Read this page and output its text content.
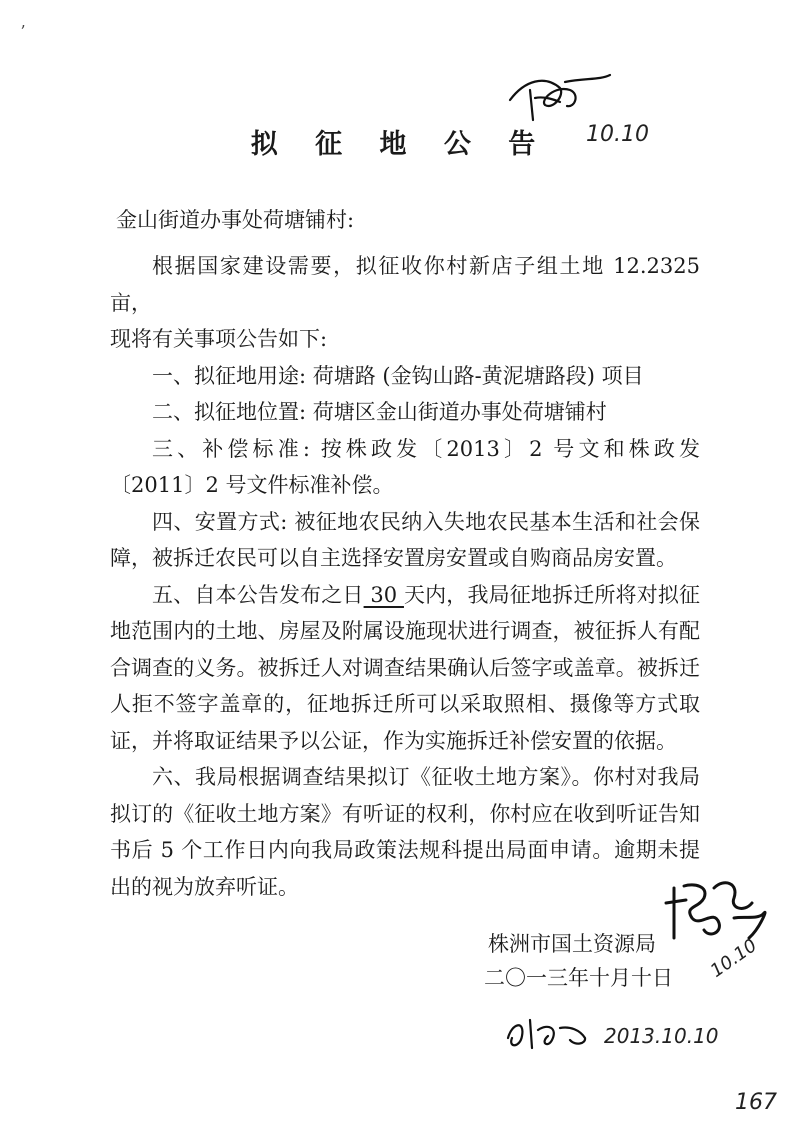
ʼ
10.10
拟 征 地 公 告
金山街道办事处荷塘铺村:

根据国家建设需要，拟征收你村新店子组土地 12.2325 亩，

现将有关事项公告如下:

一、拟征地用途: 荷塘路 (金钩山路-黄泥塘路段) 项目

二、拟征地位置: 荷塘区金山街道办事处荷塘铺村

三、补偿标准: 按株政发〔2013〕2 号文和株政发〔2011〕2 号文件标准补偿。

四、安置方式: 被征地农民纳入失地农民基本生活和社会保障，被拆迁农民可以自主选择安置房安置或自购商品房安置。

五、自本公告发布之日 30 天内，我局征地拆迁所将对拟征地范围内的土地、房屋及附属设施现状进行调查，被征拆人有配合调查的义务。被拆迁人对调查结果确认后签字或盖章。被拆迁人拒不签字盖章的，征地拆迁所可以采取照相、摄像等方式取证，并将取证结果予以公证，作为实施拆迁补偿安置的依据。

六、我局根据调查结果拟订《征收土地方案》。你村对我局拟订的《征收土地方案》有听证的权利，你村应在收到听证告知书后 5 个工作日内向我局政策法规科提出局面申请。逾期未提出的视为放弃听证。

10.10
株洲市国土资源局
二〇一三年十月十日
2013.10.10
167
